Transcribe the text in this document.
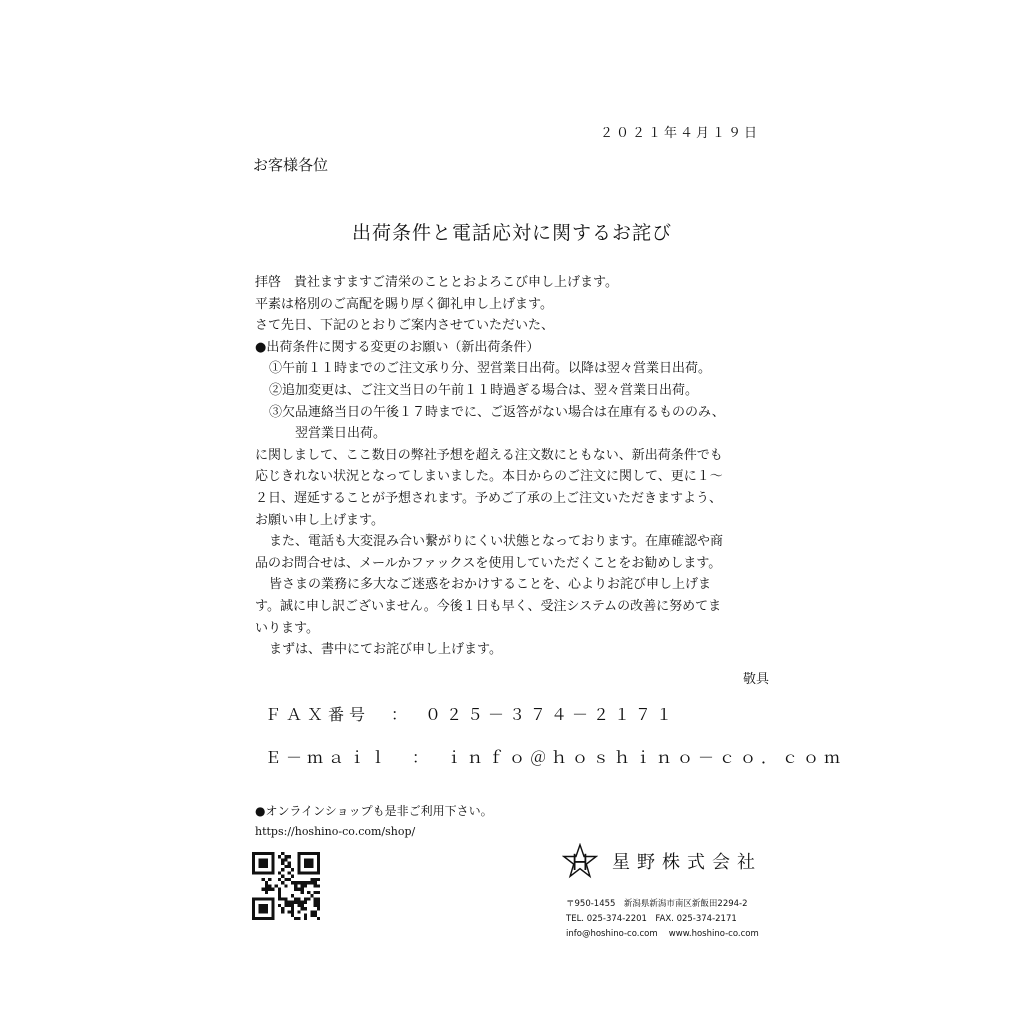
２０２１年４月１９日
お客様各位
出荷条件と電話応対に関するお詫び
拝啓　貴社ますますご清栄のこととおよろこび申し上げます。
平素は格別のご高配を賜り厚く御礼申し上げます。
さて先日、下記のとおりご案内させていただいた、
●出荷条件に関する変更のお願い（新出荷条件）
①午前１１時までのご注文承り分、翌営業日出荷。以降は翌々営業日出荷。
②追加変更は、ご注文当日の午前１１時過ぎる場合は、翌々営業日出荷。
③欠品連絡当日の午後１７時までに、ご返答がない場合は在庫有るもののみ、
翌営業日出荷。
に関しまして、ここ数日の弊社予想を超える注文数にともない、新出荷条件でも
応じきれない状況となってしまいました。本日からのご注文に関して、更に１～
２日、遅延することが予想されます。予めご了承の上ご注文いただきますよう、
お願い申し上げます。
また、電話も大変混み合い繋がりにくい状態となっております。在庫確認や商
品のお問合せは、メールかファックスを使用していただくことをお勧めします。
皆さまの業務に多大なご迷惑をおかけすることを、心よりお詫び申し上げま
す。誠に申し訳ございません。今後１日も早く、受注システムの改善に努めてま
いります。
まずは、書中にてお詫び申し上げます。
敬具
ＦＡＸ番号　：　０２５－３７４－２１７１
Ｅ－ｍａｉｌ　：　ｉｎｆｏ＠ｈｏｓｈｉｎｏ－ｃｏ．ｃｏｍ
●オンラインショップも是非ご利用下さい。
https://hoshino-co.com/shop/
星野株式会社
〒950-1455　新潟県新潟市南区新飯田2294-2
TEL. 025-374-2201　FAX. 025-374-2171
info@hoshino-co.com　 www.hoshino-co.com
